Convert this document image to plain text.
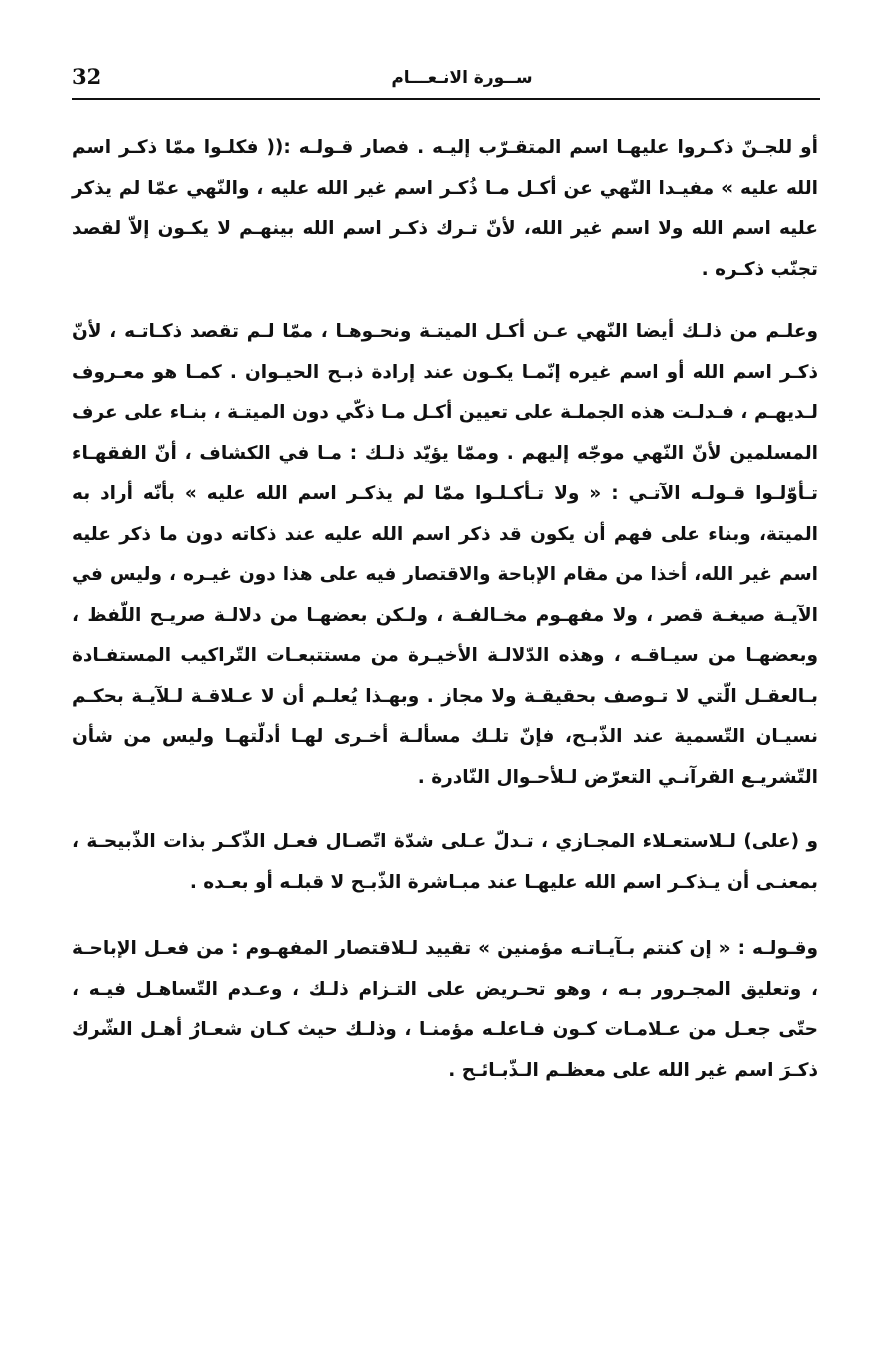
32	ســورة الانـعـــام

أو للجـنّ ذكـروا عليهـا اسم المتقـرّب إليـه . فصار قـولـه :(( فكلـوا ممّا ذكـر اسم الله عليه » مفيـدا النّهي عن أكـل مـا ذُكـر اسم غير الله عليه ، والنّهي عمّا لم يذكر عليه اسم الله ولا اسم غير الله، لأنّ تـرك ذكـر اسم الله بينهـم لا يكـون إلاّ لقصد تجنّب ذكـره .

وعلـم من ذلـك أيضا النّهي عـن أكـل الميتـة ونحـوهـا ، ممّا لـم تقصد ذكـاتـه ، لأنّ ذكـر اسم الله أو اسم غيره إنّمـا يكـون عند إرادة ذبـح الحيـوان . كمـا هو معـروف لـديهـم ، فـدلـت هذه الجملـة على تعيين أكـل مـا ذكّي دون الميتـة ، بنـاء على عرف المسلمين لأنّ النّهي موجّه إليهم . وممّا يؤيّد ذلـك : مـا في الكشاف ، أنّ الفقهـاء تـأوّلـوا قـولـه الآتـي : « ولا تـأكـلـوا ممّا لم يذكـر اسم الله عليه » بأنّه أراد به الميتة، وبناء على فهم أن يكون قد ذكر اسم الله عليه عند ذكاته دون ما ذكر عليه اسم غير الله، أخذا من مقام الإباحة والاقتصار فيه على هذا دون غيـره ، وليس في الآيـة صيغـة قصر ، ولا مفهـوم مخـالفـة ، ولـكن بعضهـا من دلالـة صريـح اللّفظ ، وبعضهـا من سيـاقـه ، وهذه الدّلالـة الأخيـرة من مستتبعـات التّراكيب المستفـادة بـالعقـل الّتي لا تـوصف بحقيقـة ولا مجاز . وبهـذا يُعلـم أن لا عـلاقـة لـلآيـة بحكـم نسيـان التّسمية عند الذّبـح، فإنّ تلـك مسألـة أخـرى لهـا أدلّتهـا وليس من شأن التّشريـع القرآنـي التعرّض لـلأحـوال النّادرة .

و (على) لـلاستعـلاء المجـازي ، تـدلّ عـلى شدّة اتّصـال فعـل الذّكـر بذات الذّبيحـة ، بمعنـى أن يـذكـر اسم الله عليهـا عند مبـاشرة الذّبـح لا قبلـه أو بعـده .

وقـولـه : « إن كنتم بـآيـاتـه مؤمنين » تقييد لـلاقتصار المفهـوم : من فعـل الإباحـة ، وتعليق المجـرور بـه ، وهو تحـريض على التـزام ذلـك ، وعـدم التّساهـل فيـه ، حتّى جعـل من عـلامـات كـون فـاعلـه مؤمنـا ، وذلـك حيث كـان شعـارُ أهـل الشّرك ذكـرَ اسم غير الله على معظـم الـذّبـائـح .
